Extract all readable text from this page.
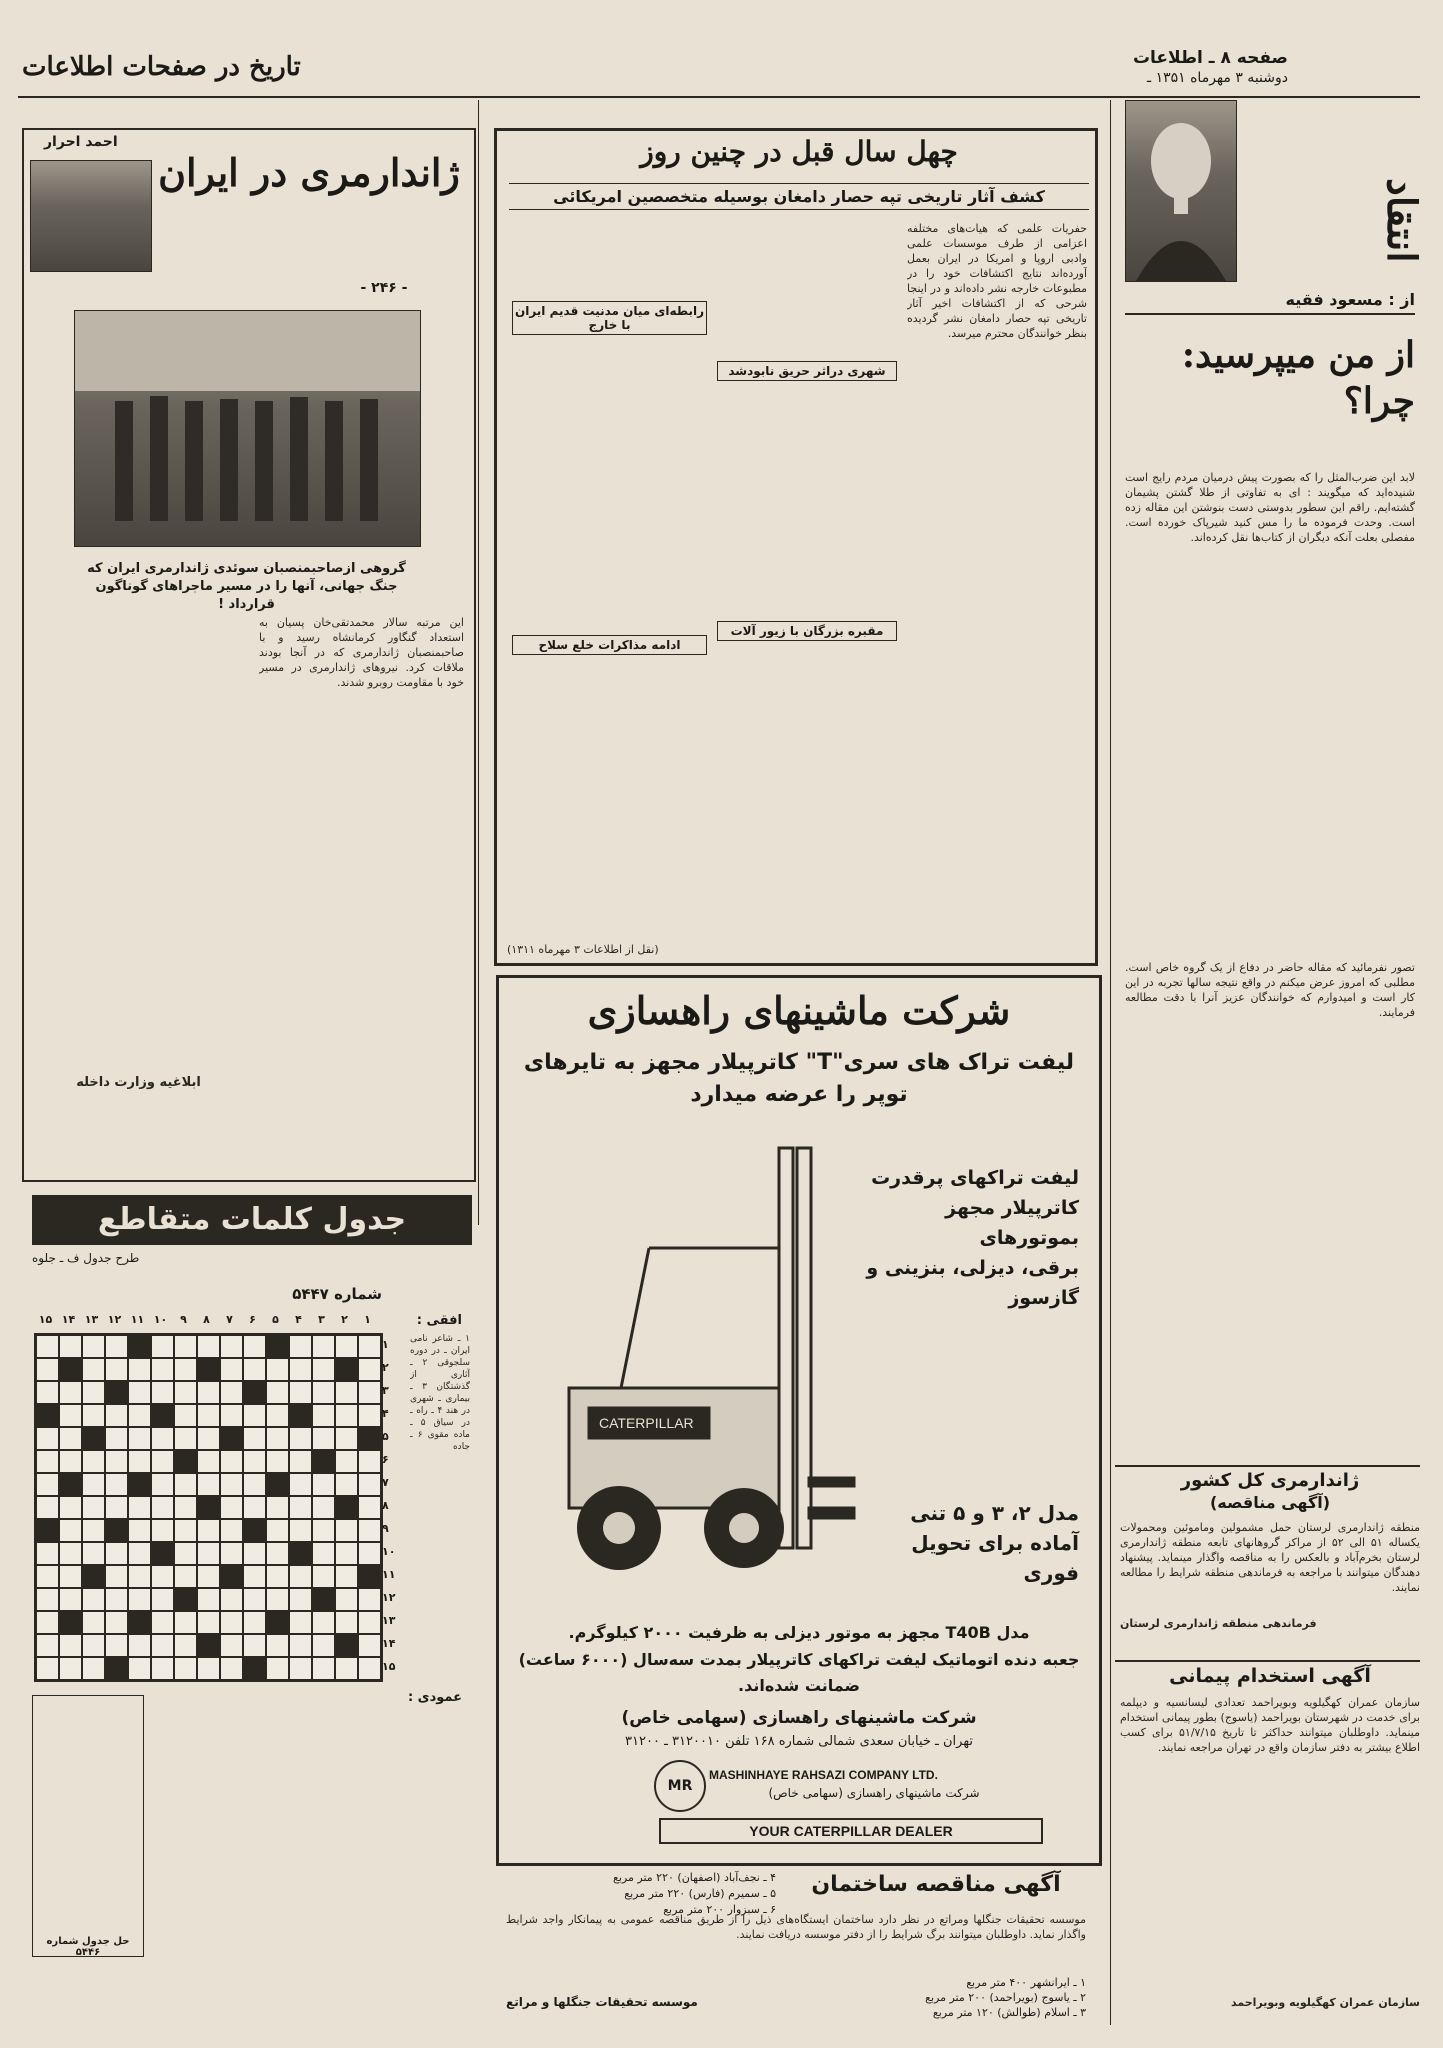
تاریخ در صفحات اطلاعات	صفحه ۸ ـ اطلاعات
دوشنبه ۳ مهرماه ۱۳۵۱ ـ
انتقاد
از : مسعود فقیه
از من میپرسید:
چرا؟
لابد این ضرب‌المثل را که بصورت پیش درمیان مردم رایج است شنیده‌اید که میگویند : ای به تفاوتی از طلا گشتن پشیمان گشته‌ایم. راقم این سطور بدوستی دست بنوشتن این مقاله زده است. وحدت فرموده ما را مس کنید شیرپاک خورده است. مفصلی بعلت آنکه دیگران از کتاب‌ها نقل کرده‌اند.
تصور نفرمائید که مقاله حاضر در دفاع از یک گروه خاص است. مطلبی که امروز عرض میکنم در واقع نتیجه سالها تجربه در این کار است و امیدوارم که خوانندگان عزیز آنرا با دقت مطالعه فرمایند.
ژاندارمری کل کشور
(آگهی مناقصه)
منطقه ژاندارمری لرستان حمل مشمولین وماموئین ومحمولات یکساله ۵۱ الی ۵۲ از مراکز گروهانهای تابعه منطقه ژاندارمری لرستان بخرم‌آباد و بالعکس را به مناقصه واگذار مینماید. پیشنهاد دهندگان میتوانند با مراجعه به فرماندهی منطقه شرایط را مطالعه نمایند.
فرماندهی منطقه ژاندارمری لرستان
آگهی استخدام پیمانی
سازمان عمران کهگیلویه وبویراحمد تعدادی لیسانسیه و دیپلمه برای خدمت در شهرستان بویراحمد (یاسوج) بطور پیمانی استخدام مینماید. داوطلبان میتوانند حداکثر تا تاریخ ۵۱/۷/۱۵ برای کسب اطلاع بیشتر به دفتر سازمان واقع در تهران مراجعه نمایند.
سازمان عمران کهگیلویه وبویراحمد
چهل سال قبل در چنین روز
کشف آثار تاریخی تپه حصار دامغان بوسیله متخصصین امریکائی
حفریات علمی که هیات‌های مختلفه اعزامی از طرف موسسات علمی وادبی اروپا و امریکا در ایران بعمل آورده‌اند نتایج اکتشافات خود را در مطبوعات خارجه نشر داده‌اند و در اینجا شرحی که از اکتشافات اخیر آثار تاریخی تپه حصار دامغان نشر گردیده بنظر خوانندگان محترم میرسد.
شهری دراثر حریق نابودشد
مقبره بزرگان با زیور آلات
رابطه‌ای میان مدنیت قدیم ایران با خارج
ادامه مذاکرات خلع سلاح
(نقل از اطلاعات ۳ مهرماه ۱۳۱۱)
ژاندارمری در ایران
احمد احرار
- ۲۴۶ -
گروهی ازصاحبمنصبان سوئدی ژاندارمری ایران که جنگ جهانی، آنها را در مسیر ماجراهای گوناگون قرارداد !
این مرتبه سالار محمدتقی‌خان پسیان به استعداد گنگاور کرمانشاه رسید و با صاحبمنصبان ژاندارمری که در آنجا بودند ملاقات کرد. نیروهای ژاندارمری در مسیر خود با مقاومت روبرو شدند.
ابلاغیه وزارت داخله
جدول کلمات متقاطع
طرح جدول ف ـ جلوه
شماره ۵۴۴۷
۱۵ ۱۴ ۱۳ ۱۲ ۱۱ ۱۰	۹	۸	۷	۶	۵	۴	۳	۲	۱
۱
۲
۳
۴
۵
۶
۷
۸
۹
۱۰
۱۱
۱۲
۱۳
۱۴
۱۵
افقی :
۱ ـ شاعر نامی ایران ـ در دوره سلجوقی ۲ ـ آثاری از گذشتگان ۳ ـ بیماری ـ شهری در هند ۴ ـ راه ـ در سیاق ۵ ـ ماده مقوی ۶ ـ جاده
عمودی :
حل جدول شماره ۵۴۴۶
شرکت ماشینهای راهسازی
لیفت تراک های سری"T" کاترپیلار مجهز به تایرهای
توپر را عرضه میدارد
لیفت تراکهای پرقدرت
کاترپیلار مجهز بموتورهای
برقی، دیزلی، بنزینی و
گازسوز
CATERPILLAR
مدل ۲، ۳ و ۵ تنی
آماده برای تحویل
فوری
مدل T40B مجهز به موتور دیزلی به ظرفیت ۲۰۰۰ کیلوگرم.
جعبه دنده اتوماتیک لیفت تراکهای کاترپیلار بمدت سه‌سال (۶۰۰۰ ساعت)
ضمانت شده‌اند.
شرکت ماشینهای راهسازی (سهامی خاص)
تهران ـ خیابان سعدی شمالی شماره ۱۶۸ تلفن ۳۱۲۰۰۱۰ ـ ۳۱۲۰۰
MR
MASHINHAYE RAHSAZI COMPANY LTD.
شرکت ماشینهای راهسازی (سهامی خاص)
YOUR CATERPILLAR DEALER
۴ ـ نجف‌آباد (اصفهان) ۲۲۰ متر مربع
۵ ـ سمیرم (فارس) ۲۲۰ متر مربع
۶ ـ سبزوار ۲۰۰ متر مربع
آگهی مناقصه ساختمان
موسسه تحقیقات جنگلها ومراتع در نظر دارد ساختمان ایستگاه‌های ذیل را از طریق مناقصه عمومی به پیمانکار واجد شرایط واگذار نماید. داوطلبان میتوانند برگ شرایط را از دفتر موسسه دریافت نمایند.
۱ ـ ایرانشهر ۴۰۰ متر مربع
۲ ـ یاسوج (بویراحمد) ۲۰۰ متر مربع
۳ ـ اسلام (طوالش) ۱۲۰ متر مربع
موسسه تحقیقات جنگلها و مراتع
